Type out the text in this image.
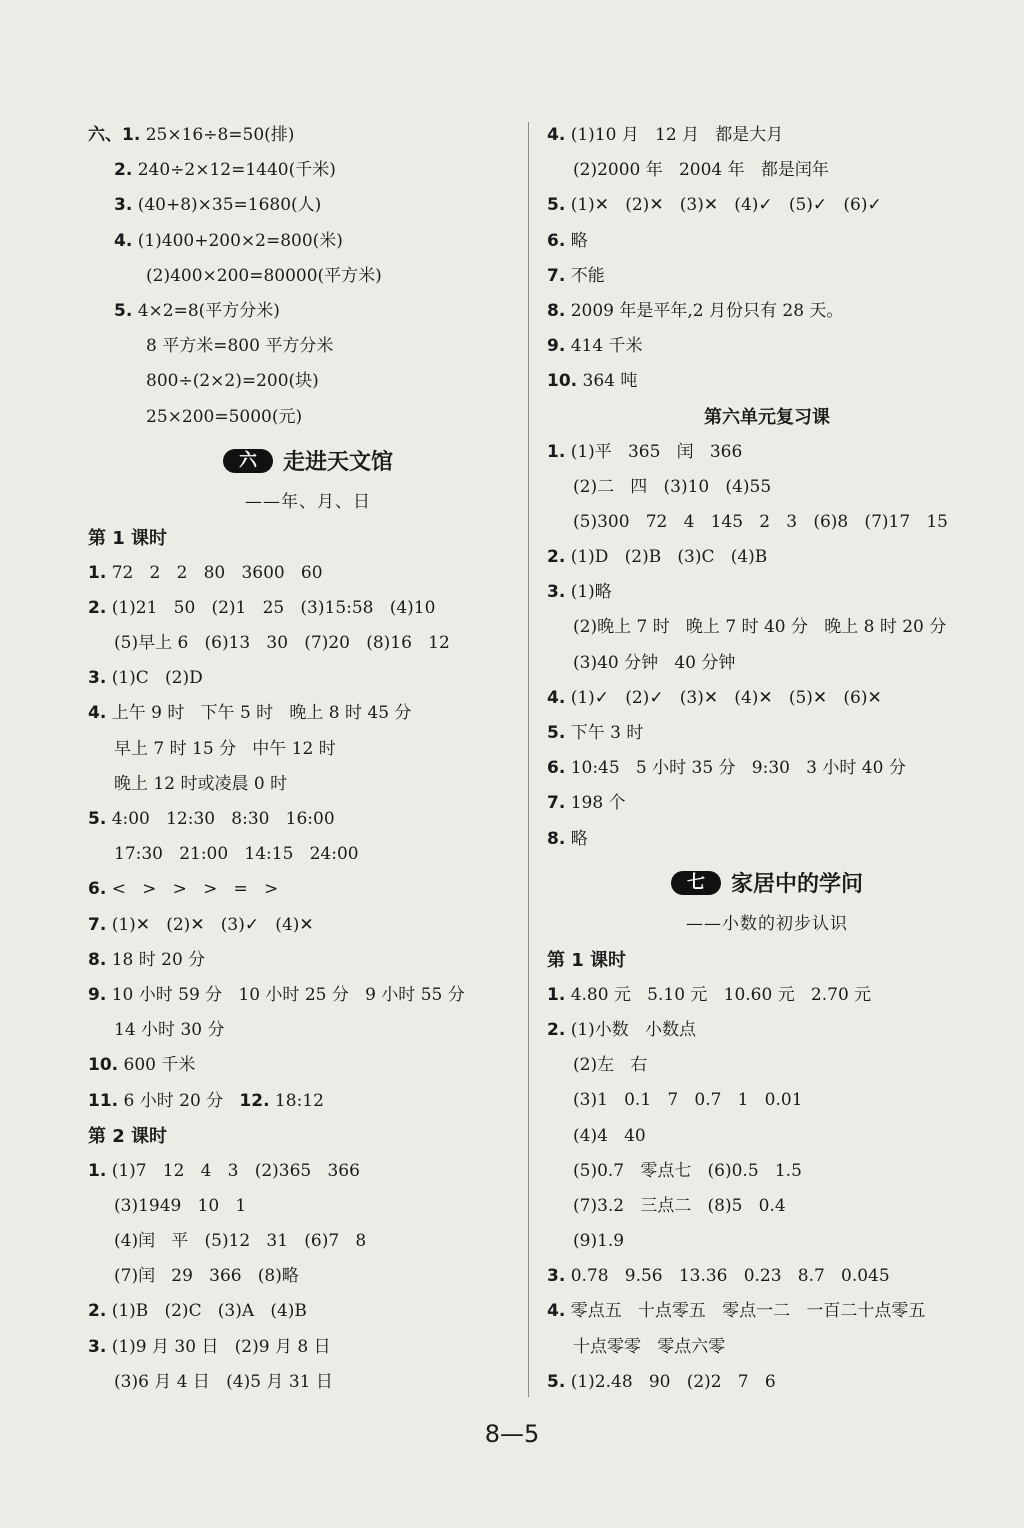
六、1. 25×16÷8=50(排)
2. 240÷2×12=1440(千米)
3. (40+8)×35=1680(人)
4. (1)400+200×2=800(米)
(2)400×200=80000(平方米)
5. 4×2=8(平方分米)
8 平方米=800 平方分米
800÷(2×2)=200(块)
25×200=5000(元)
六	走进天文馆
——年、月、日
第 1 课时
1. 72   2   2   80   3600   60
2. (1)21   50   (2)1   25   (3)15:58   (4)10
(5)早上 6   (6)13   30   (7)20   (8)16   12
3. (1)C   (2)D
4. 上午 9 时   下午 5 时   晚上 8 时 45 分
早上 7 时 15 分   中午 12 时
晚上 12 时或凌晨 0 时
5. 4:00   12:30   8:30   16:00
17:30   21:00   14:15   24:00
6. <   >   >   >   =   >
7. (1)✕   (2)✕   (3)✓   (4)✕
8. 18 时 20 分
9. 10 小时 59 分   10 小时 25 分   9 小时 55 分
14 小时 30 分
10. 600 千米
11. 6 小时 20 分   12. 18:12
第 2 课时
1. (1)7   12   4   3   (2)365   366
(3)1949   10   1
(4)闰   平   (5)12   31   (6)7   8
(7)闰   29   366   (8)略
2. (1)B   (2)C   (3)A   (4)B
3. (1)9 月 30 日   (2)9 月 8 日
(3)6 月 4 日   (4)5 月 31 日
4. (1)10 月   12 月   都是大月
(2)2000 年   2004 年   都是闰年
5. (1)✕   (2)✕   (3)✕   (4)✓   (5)✓   (6)✓
6. 略
7. 不能
8. 2009 年是平年,2 月份只有 28 天。
9. 414 千米
10. 364 吨
第六单元复习课
1. (1)平   365   闰   366
(2)二   四   (3)10   (4)55
(5)300   72   4   145   2   3   (6)8   (7)17   15
2. (1)D   (2)B   (3)C   (4)B
3. (1)略
(2)晚上 7 时   晚上 7 时 40 分   晚上 8 时 20 分
(3)40 分钟   40 分钟
4. (1)✓   (2)✓   (3)✕   (4)✕   (5)✕   (6)✕
5. 下午 3 时
6. 10:45   5 小时 35 分   9:30   3 小时 40 分
7. 198 个
8. 略
七	家居中的学问
——小数的初步认识
第 1 课时
1. 4.80 元   5.10 元   10.60 元   2.70 元
2. (1)小数   小数点
(2)左   右
(3)1   0.1   7   0.7   1   0.01
(4)4   40
(5)0.7   零点七   (6)0.5   1.5
(7)3.2   三点二   (8)5   0.4
(9)1.9
3. 0.78   9.56   13.36   0.23   8.7   0.045
4. 零点五   十点零五   零点一二   一百二十点零五
十点零零   零点六零
5. (1)2.48   90   (2)2   7   6
8—5
